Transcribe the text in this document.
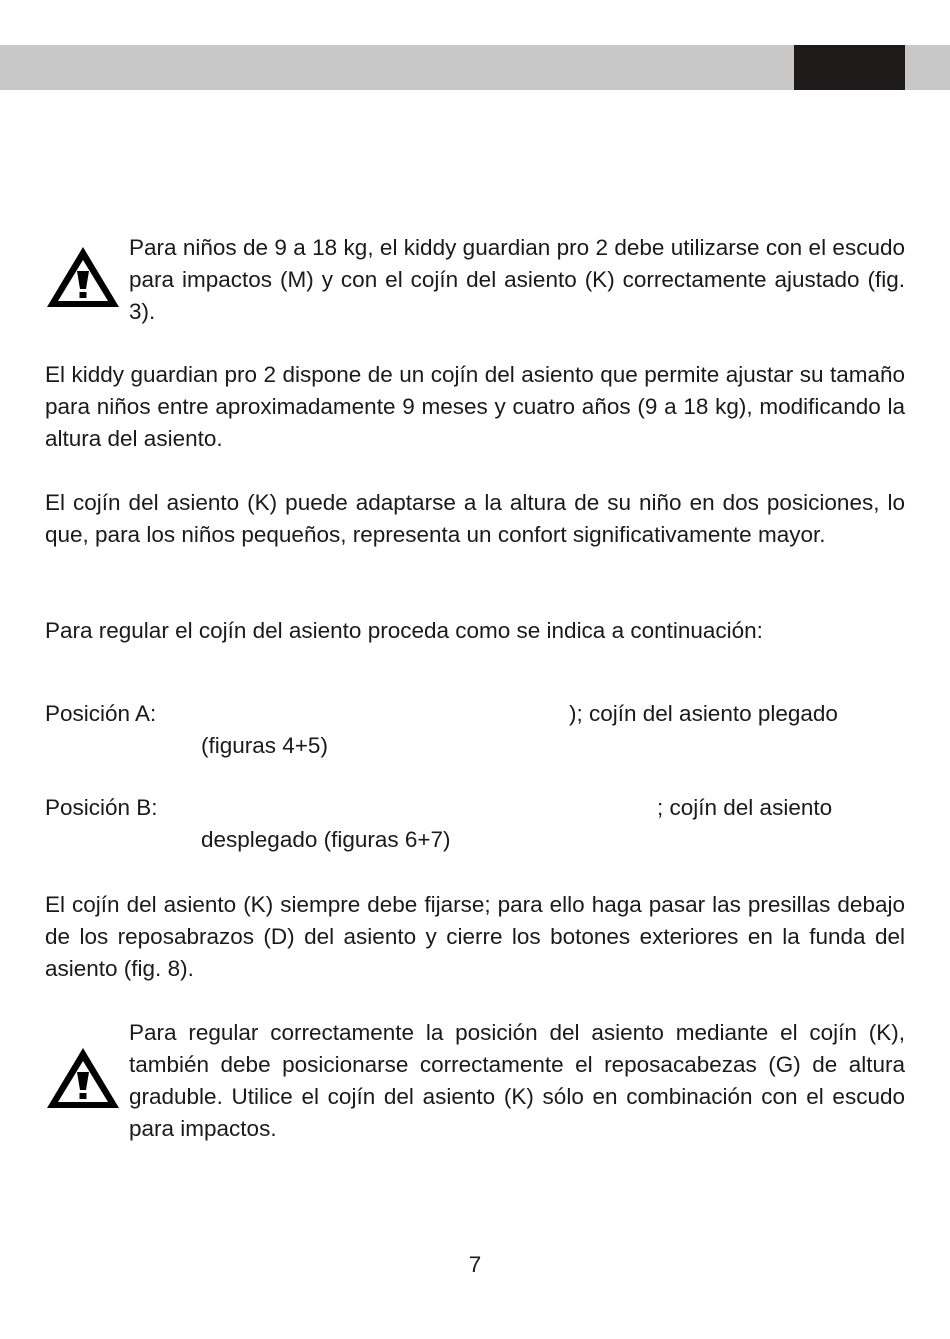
Para niños de 9 a 18 kg, el kiddy guardian pro 2 debe utilizarse con el escudo para impactos (M) y con el cojín del asiento (K) correctamente ajustado (fig. 3).

El kiddy guardian pro 2 dispone de un cojín del asiento que permite ajustar su tamaño para niños entre aproximadamente 9 meses y cuatro años (9 a 18 kg), modificando la altura del asiento.

El cojín del asiento (K) puede adaptarse a la altura de su niño en dos posiciones, lo que, para los niños pequeños, representa un confort significativamente mayor.

Para regular el cojín del asiento proceda como se indica a continuación:

Posición A:	); cojín del asiento plegado

(figuras 4+5)

Posición B:	; cojín del asiento

desplegado (figuras 6+7)

El cojín del asiento (K) siempre debe fijarse; para ello haga pasar las presillas debajo de los reposabrazos (D) del asiento y cierre los botones exteriores en la funda del asiento (fig. 8).

Para regular correctamente la posición del asiento mediante el cojín (K), también debe posicionarse correctamente el reposacabezas (G) de altura graduble. Utilice el cojín del asiento (K) sólo en combinación con el escudo para impactos.

7
